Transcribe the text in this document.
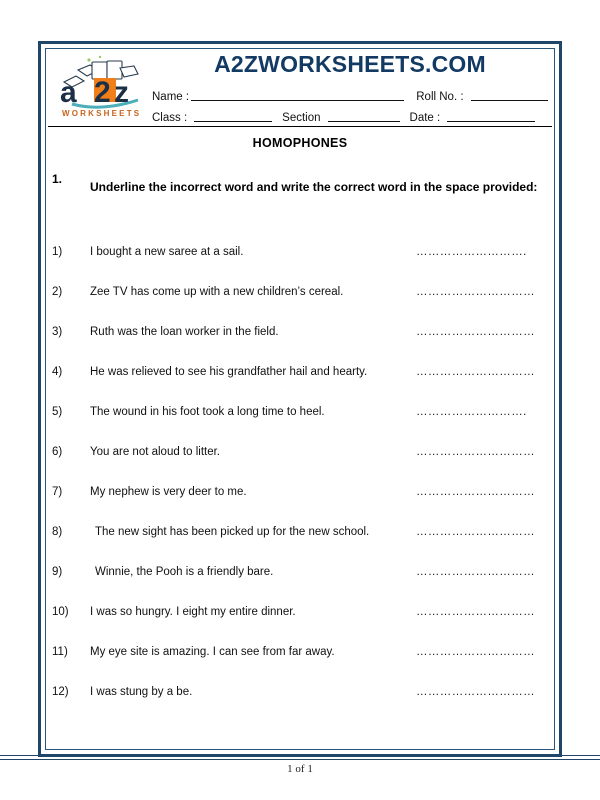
a 2 z
WORKSHEETS
A2ZWORKSHEETS.COM
Name :	Roll No. :
Class :	Section	Date :
HOMOPHONES
1.
Underline the incorrect word and write the correct word in the space provided:
1) I bought a new saree at a sail.	……………………….
2) Zee TV has come up with a new children’s cereal.	…………………………
3) Ruth was the loan worker in the field.	…………………………
4) He was relieved to see his grandfather hail and hearty.	…………………………
5) The wound in his foot took a long time to heel.	……………………….
6) You are not aloud to litter.	…………………………
7) My nephew is very deer to me.	…………………………
8)	The new sight has been picked up for the new school.	…………………………
9)	Winnie, the Pooh is a friendly bare.	…………………………
10) I was so hungry. I eight my entire dinner.	…………………………
11) My eye site is amazing. I can see from far away.	…………………………
12) I was stung by a be.	…………………………
1 of 1
